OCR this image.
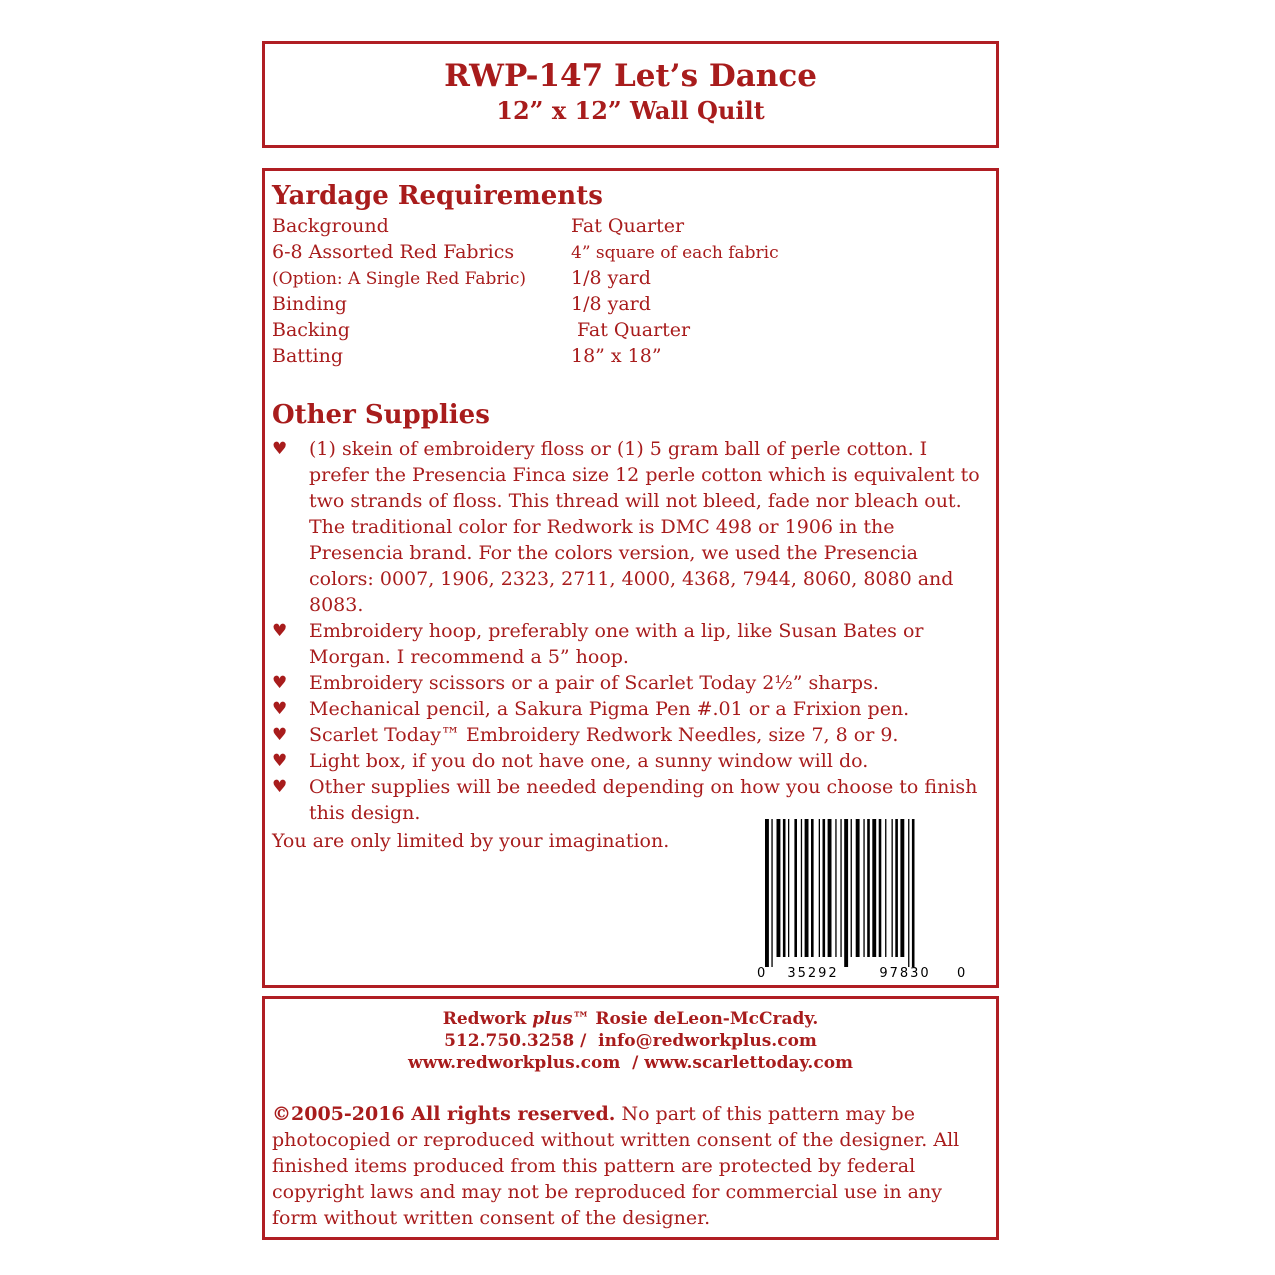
RWP-147 Let’s Dance
12” x 12” Wall Quilt
Yardage Requirements
Background	Fat Quarter
6-8 Assorted Red Fabrics	4” square of each fabric
(Option: A Single Red Fabric) 1/8 yard
Binding	1/8 yard
Backing	Fat Quarter
Batting	18” x 18”
Other Supplies
♥ (1) skein of embroidery floss or (1) 5 gram ball of perle cotton. I prefer the Presencia Finca size 12 perle cotton which is equivalent to two strands of floss. This thread will not bleed, fade nor bleach out. The traditional color for Redwork is DMC 498 or 1906 in the Presencia brand. For the colors version, we used the Presencia colors: 0007, 1906, 2323, 2711, 4000, 4368, 7944, 8060, 8080 and 8083.
♥ Embroidery hoop, preferably one with a lip, like Susan Bates or Morgan. I recommend a 5” hoop.
♥ Embroidery scissors or a pair of Scarlet Today 2½” sharps.
♥ Mechanical pencil, a Sakura Pigma Pen #.01 or a Frixion pen.
♥ Scarlet Today™ Embroidery Redwork Needles, size 7, 8 or 9.
♥ Light box, if you do not have one, a sunny window will do.
♥ Other supplies will be needed depending on how you choose to finish this design.
You are only limited by your imagination.
0 35292	97830 0
Redwork plus™ Rosie deLeon-McCrady.
512.750.3258 /  info@redworkplus.com
www.redworkplus.com  / www.scarlettoday.com
©2005-2016 All rights reserved. No part of this pattern may be photocopied or reproduced without written consent of the designer. All finished items produced from this pattern are protected by federal copyright laws and may not be reproduced for commercial use in any form without written consent of the designer.
